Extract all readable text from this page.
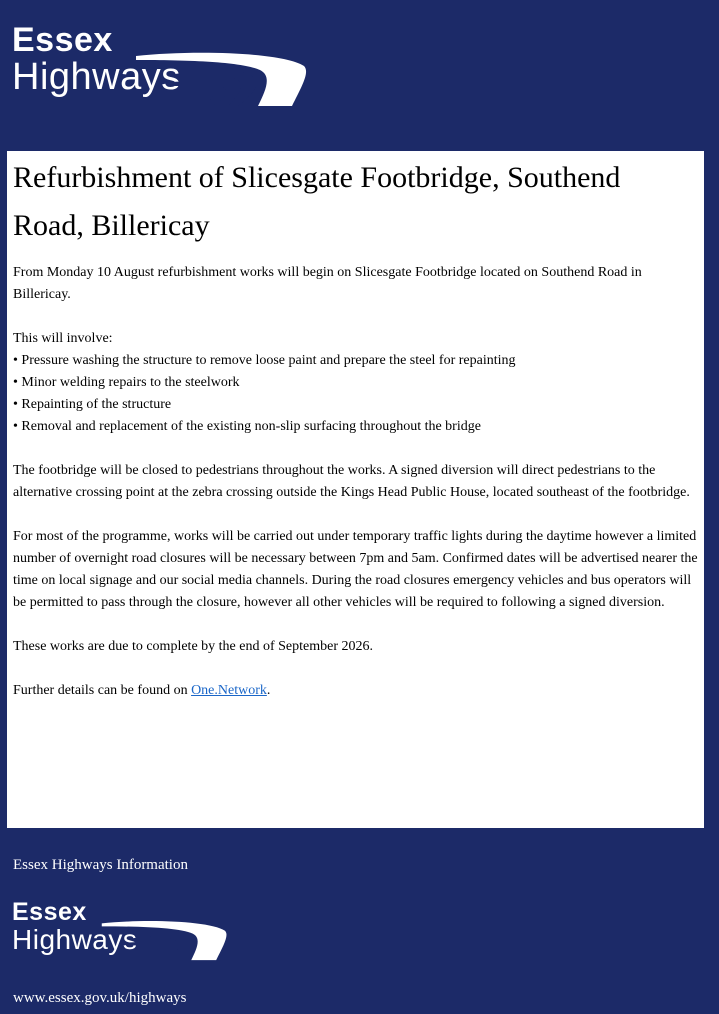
Essex
Highways
Refurbishment of Slicesgate Footbridge, Southend Road, Billericay

From Monday 10 August refurbishment works will begin on Slicesgate Footbridge located on Southend Road in Billericay.

This will involve:
• Pressure washing the structure to remove loose paint and prepare the steel for repainting
• Minor welding repairs to the steelwork
• Repainting of the structure
• Removal and replacement of the existing non-slip surfacing throughout the bridge

The footbridge will be closed to pedestrians throughout the works. A signed diversion will direct pedestrians to the alternative crossing point at the zebra crossing outside the Kings Head Public House, located southeast of the footbridge.

For most of the programme, works will be carried out under temporary traffic lights during the daytime however a limited number of overnight road closures will be necessary between 7pm and 5am. Confirmed dates will be advertised nearer the time on local signage and our social media channels. During the road closures emergency vehicles and bus operators will be permitted to pass through the closure, however all other vehicles will be required to following a signed diversion.

These works are due to complete by the end of September 2026.

Further details can be found on One.Network.

Essex Highways Information
Essex
Highways
www.essex.gov.uk/highways
